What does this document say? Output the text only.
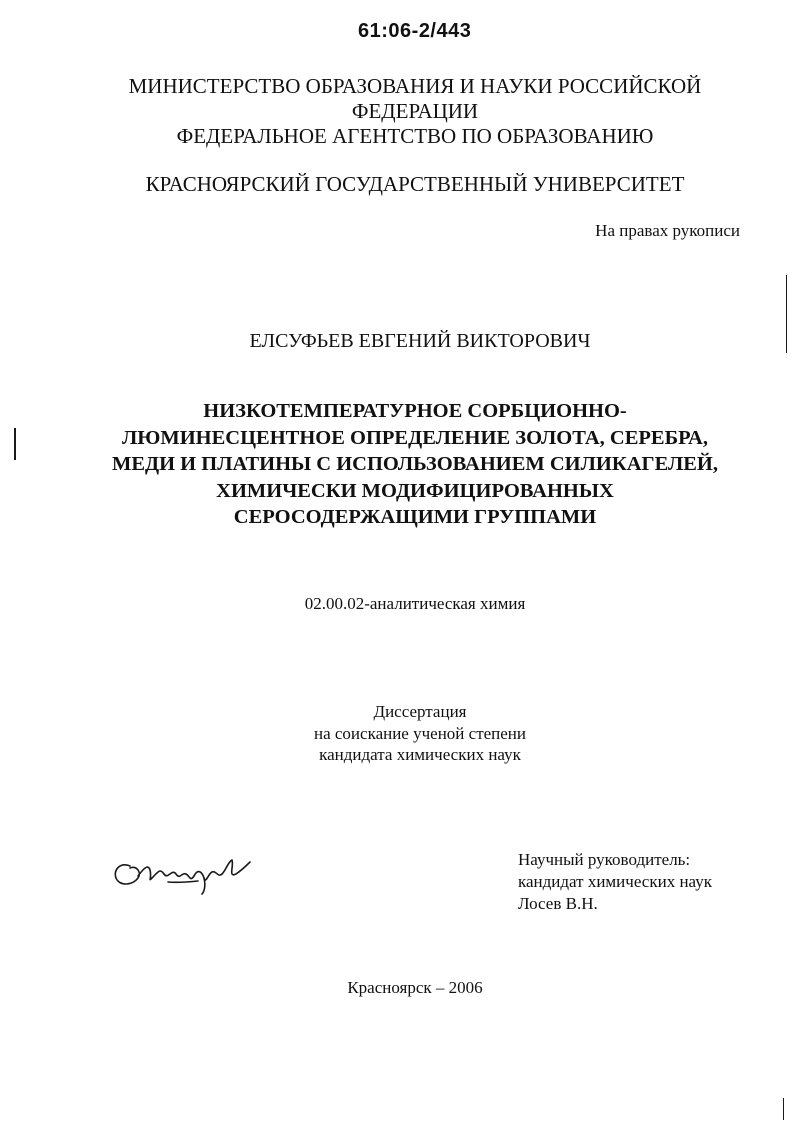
61:06-2/443
МИНИСТЕРСТВО ОБРАЗОВАНИЯ И НАУКИ РОССИЙСКОЙ
ФЕДЕРАЦИИ
ФЕДЕРАЛЬНОЕ АГЕНТСТВО ПО ОБРАЗОВАНИЮ
КРАСНОЯРСКИЙ ГОСУДАРСТВЕННЫЙ УНИВЕРСИТЕТ
На правах рукописи
ЕЛСУФЬЕВ ЕВГЕНИЙ ВИКТОРОВИЧ
НИЗКОТЕМПЕРАТУРНОЕ СОРБЦИОННО-
ЛЮМИНЕСЦЕНТНОЕ ОПРЕДЕЛЕНИЕ ЗОЛОТА, СЕРЕБРА,
МЕДИ И ПЛАТИНЫ С ИСПОЛЬЗОВАНИЕМ СИЛИКАГЕЛЕЙ,
ХИМИЧЕСКИ МОДИФИЦИРОВАННЫХ
СЕРОСОДЕРЖАЩИМИ ГРУППАМИ
02.00.02-аналитическая химия
Диссертация
на соискание ученой степени
кандидата химических наук
Научный руководитель:
кандидат химических наук
Лосев В.Н.
Красноярск – 2006
